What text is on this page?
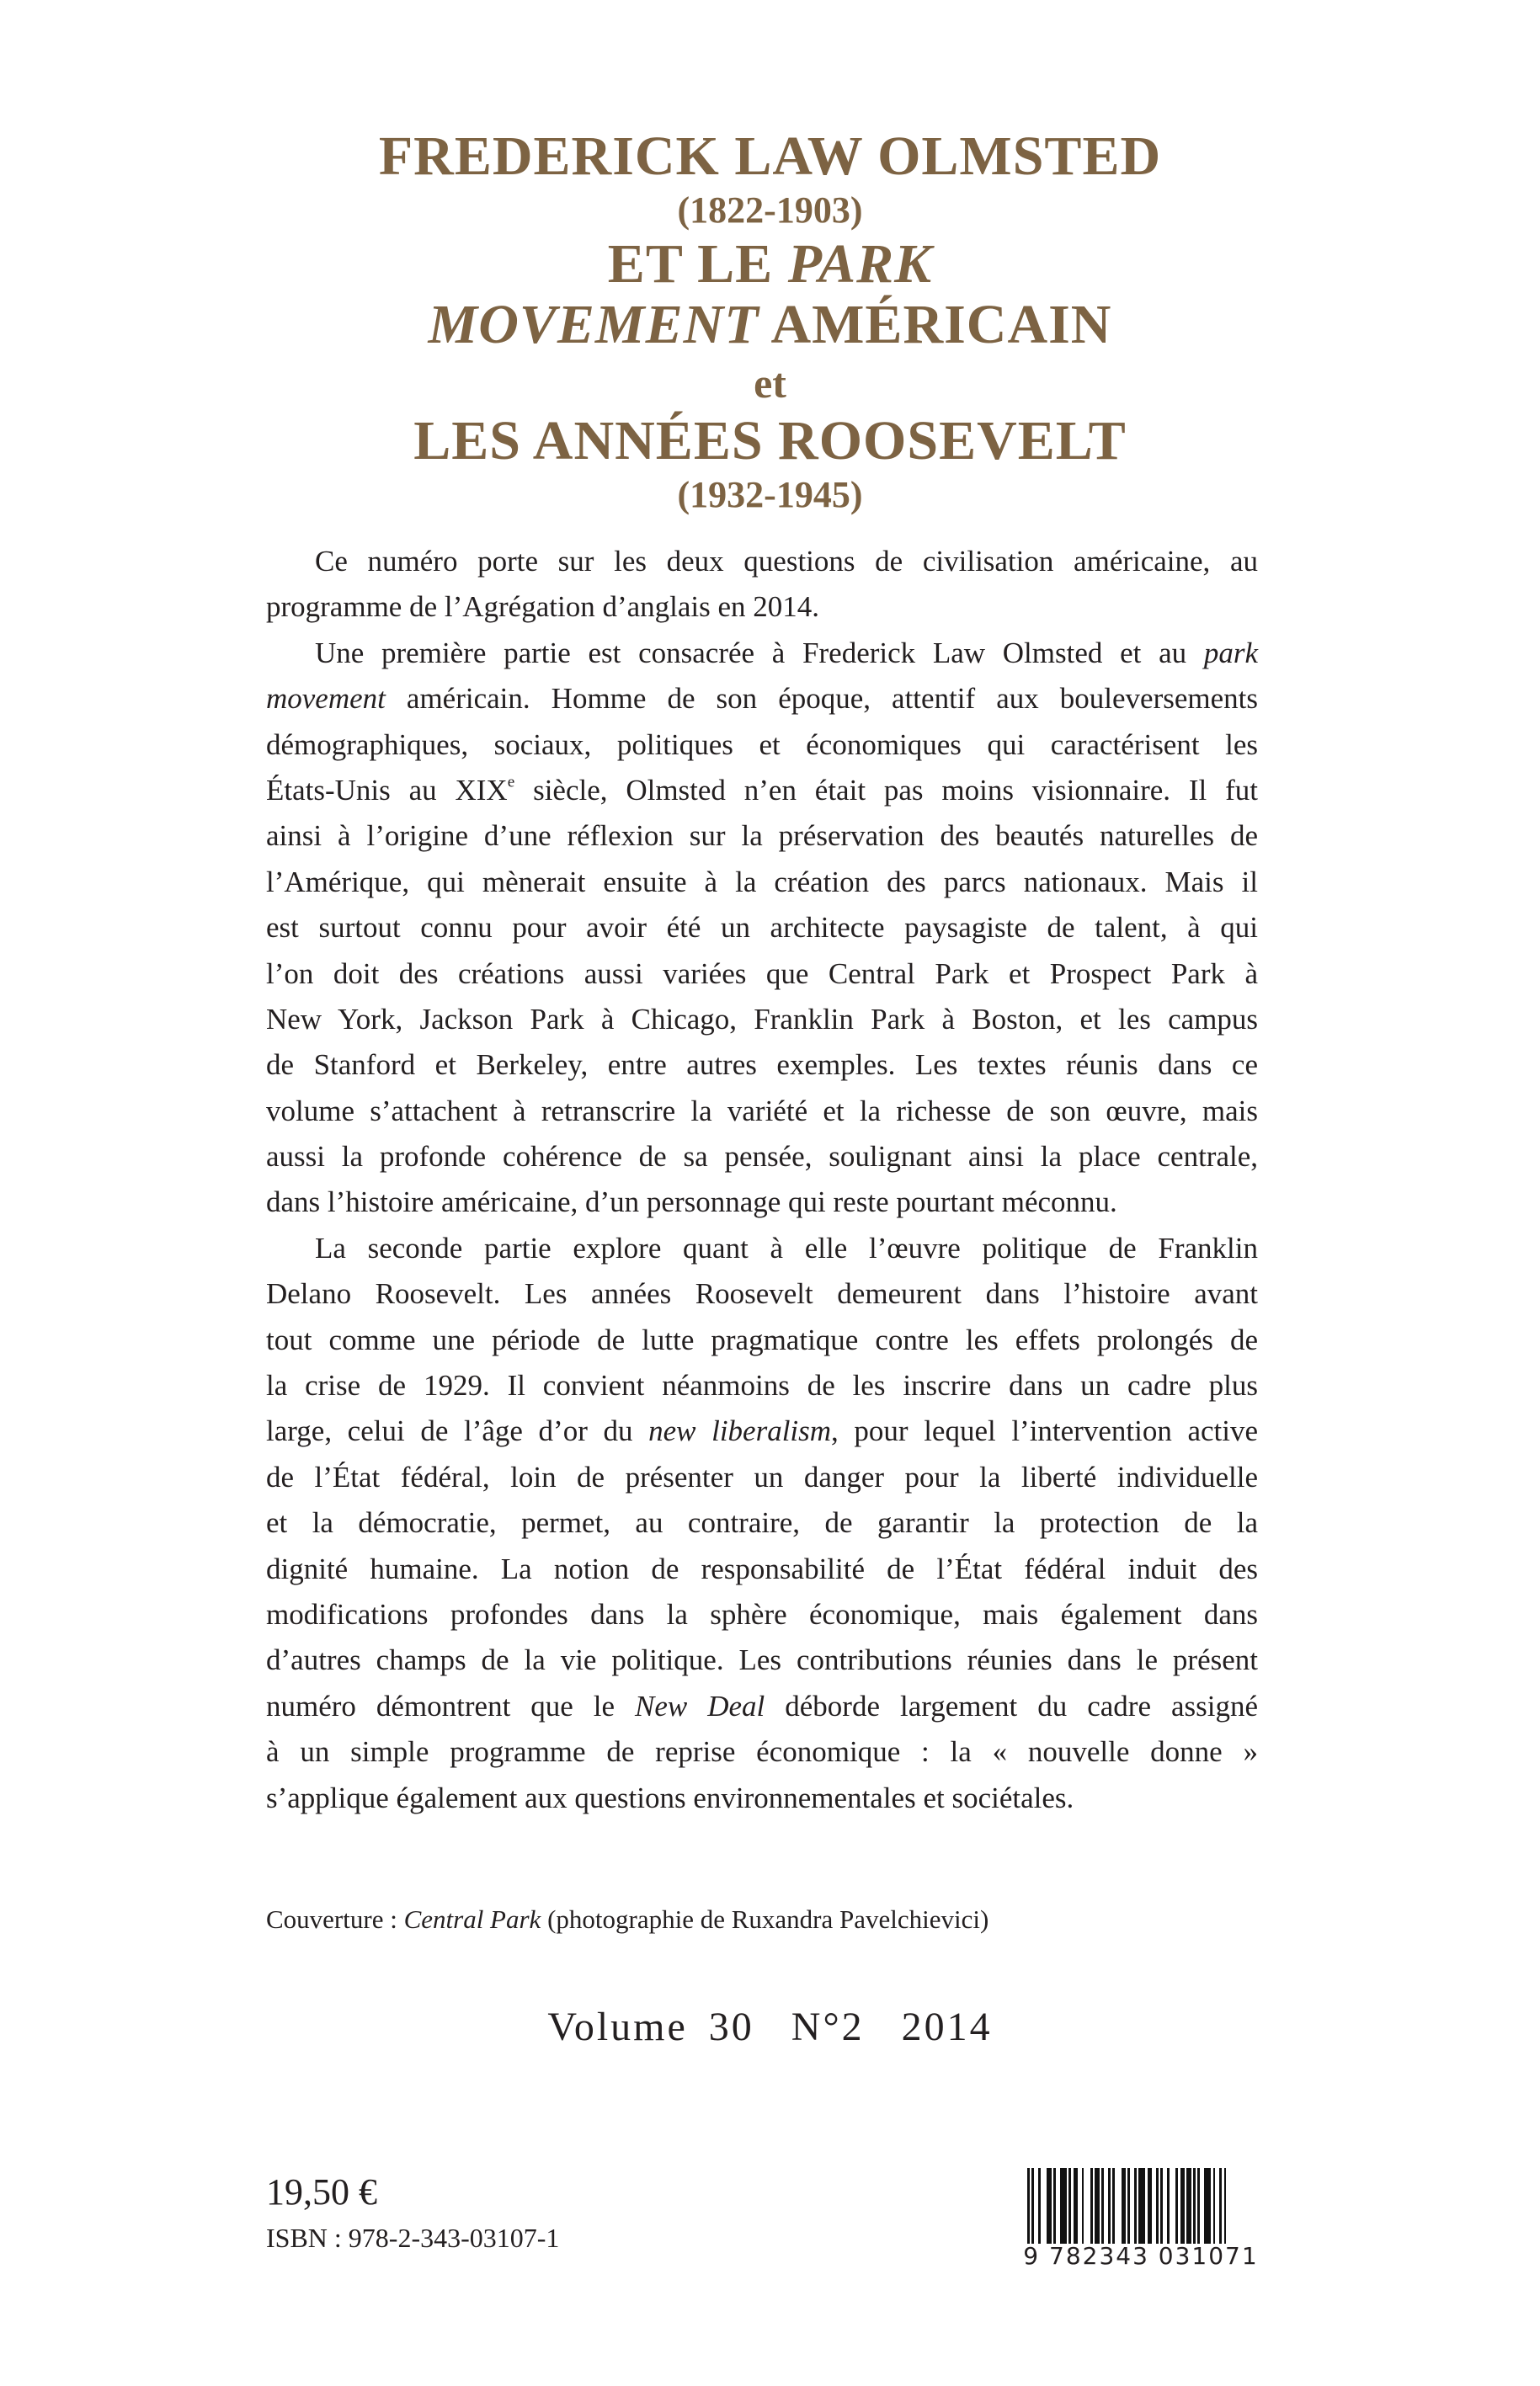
FREDERICK LAW OLMSTED
(1822-1903)
ET LE PARK
MOVEMENT AMÉRICAIN
et
LES ANNÉES ROOSEVELT
(1932-1945)
Ce numéro porte sur les deux questions de civilisation américaine, au
programme de l’Agrégation d’anglais en 2014.
Une première partie est consacrée à Frederick Law Olmsted et au park
movement américain. Homme de son époque, attentif aux bouleversements
démographiques, sociaux, politiques et économiques qui caractérisent les
États-Unis au XIXe siècle, Olmsted n’en était pas moins visionnaire. Il fut
ainsi à l’origine d’une réflexion sur la préservation des beautés naturelles de
l’Amérique, qui mènerait ensuite à la création des parcs nationaux. Mais il
est surtout connu pour avoir été un architecte paysagiste de talent, à qui
l’on doit des créations aussi variées que Central Park et Prospect Park à
New York, Jackson Park à Chicago, Franklin Park à Boston, et les campus
de Stanford et Berkeley, entre autres exemples. Les textes réunis dans ce
volume s’attachent à retranscrire la variété et la richesse de son œuvre, mais
aussi la profonde cohérence de sa pensée, soulignant ainsi la place centrale,
dans l’histoire américaine, d’un personnage qui reste pourtant méconnu.
La seconde partie explore quant à elle l’œuvre politique de Franklin
Delano Roosevelt. Les années Roosevelt demeurent dans l’histoire avant
tout comme une période de lutte pragmatique contre les effets prolongés de
la crise de 1929. Il convient néanmoins de les inscrire dans un cadre plus
large, celui de l’âge d’or du new liberalism, pour lequel l’intervention active
de l’État fédéral, loin de présenter un danger pour la liberté individuelle
et la démocratie, permet, au contraire, de garantir la protection de la
dignité humaine. La notion de responsabilité de l’État fédéral induit des
modifications profondes dans la sphère économique, mais également dans
d’autres champs de la vie politique. Les contributions réunies dans le présent
numéro démontrent que le New Deal déborde largement du cadre assigné
à un simple programme de reprise économique : la « nouvelle donne »
s’applique également aux questions environnementales et sociétales.
Couverture : Central Park (photographie de Ruxandra Pavelchievici)
Volume 30 N°2 2014
19,50 €
ISBN : 978-2-343-03107-1
9 782343 031071
